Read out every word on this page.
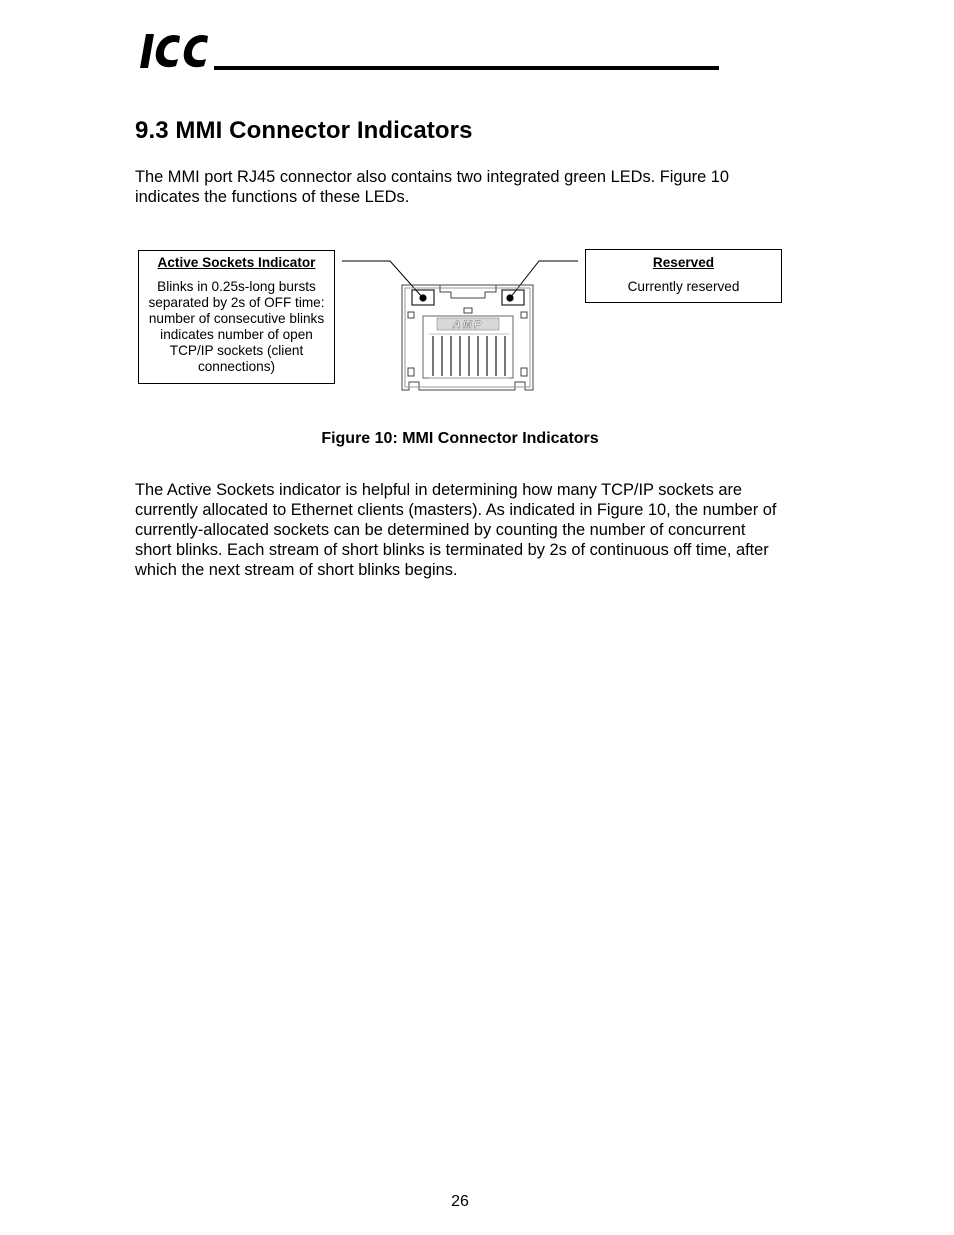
9.3 MMI Connector Indicators

The MMI port RJ45 connector also contains two integrated green LEDs. Figure 10 indicates the functions of these LEDs.

Active Sockets Indicator
Blinks in 0.25s-long bursts separated by 2s of OFF time: number of consecutive blinks indicates number of open TCP/IP sockets (client connections)
Reserved
Currently reserved
AMP
Figure 10: MMI Connector Indicators

The Active Sockets indicator is helpful in determining how many TCP/IP sockets are currently allocated to Ethernet clients (masters). As indicated in Figure 10, the number of currently-allocated sockets can be determined by counting the number of concurrent short blinks. Each stream of short blinks is terminated by 2s of continuous off time, after which the next stream of short blinks begins.

26
